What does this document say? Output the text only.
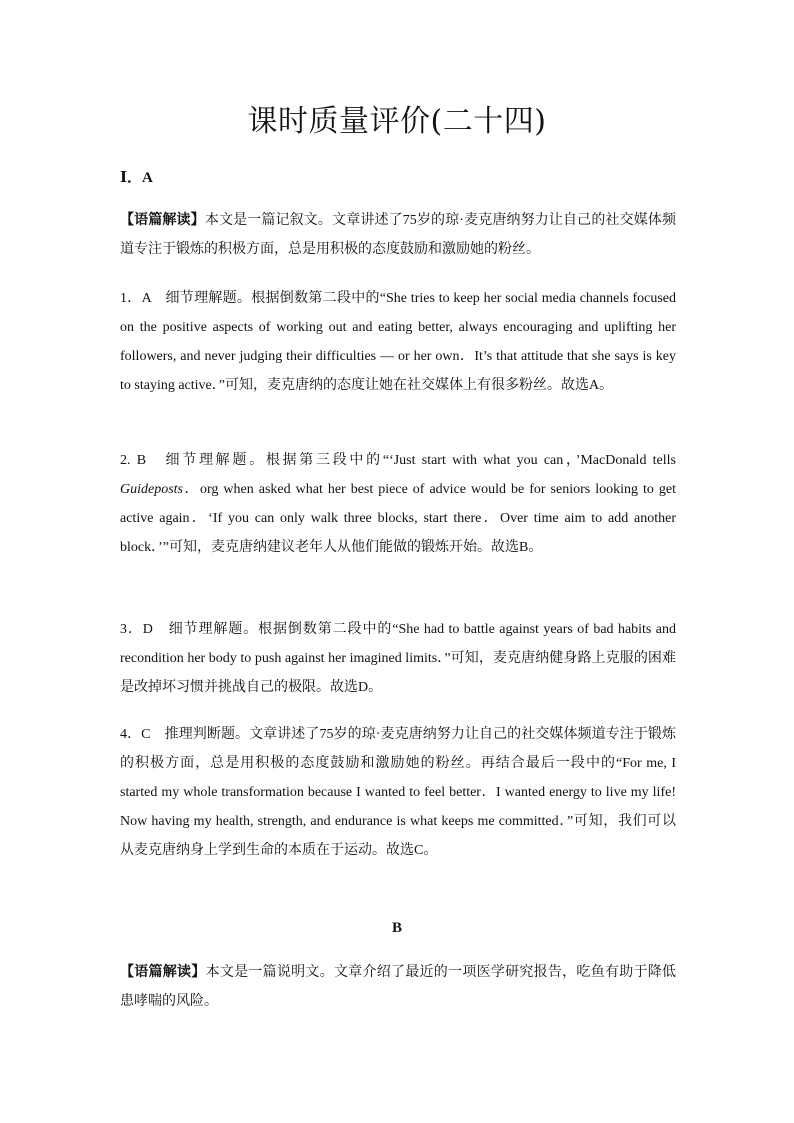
课时质量评价(二十四)
Ⅰ．A
【语篇解读】本文是一篇记叙文。文章讲述了75岁的琼·麦克唐纳努力让自己的社交媒体频道专注于锻炼的积极方面，总是用积极的态度鼓励和激励她的粉丝。
1．A　细节理解题。根据倒数第二段中的“She tries to keep her social media channels focused on the positive aspects of working out and eating better, always encouraging and uplifting her followers, and never judging their difficulties — or her own．It’s that attitude that she says is key to staying active．”可知，麦克唐纳的态度让她在社交媒体上有很多粉丝。故选A。
2. B　细节理解题。根据第三段中的“‘Just start with what you can，’MacDonald tells Guideposts．org when asked what her best piece of advice would be for seniors looking to get active again．‘If you can only walk three blocks, start there．Over time aim to add another block．’”可知，麦克唐纳建议老年人从他们能做的锻炼开始。故选B。
3．D　细节理解题。根据倒数第二段中的“She had to battle against years of bad habits and recondition her body to push against her imagined limits．”可知，麦克唐纳健身路上克服的困难是改掉坏习惯并挑战自己的极限。故选D。
4．C　推理判断题。文章讲述了75岁的琼·麦克唐纳努力让自己的社交媒体频道专注于锻炼的积极方面，总是用积极的态度鼓励和激励她的粉丝。再结合最后一段中的“For me, I started my whole transformation because I wanted to feel better．I wanted energy to live my life! Now having my health, strength, and endurance is what keeps me committed．”可知，我们可以从麦克唐纳身上学到生命的本质在于运动。故选C。
B
【语篇解读】本文是一篇说明文。文章介绍了最近的一项医学研究报告，吃鱼有助于降低患哮喘的风险。
